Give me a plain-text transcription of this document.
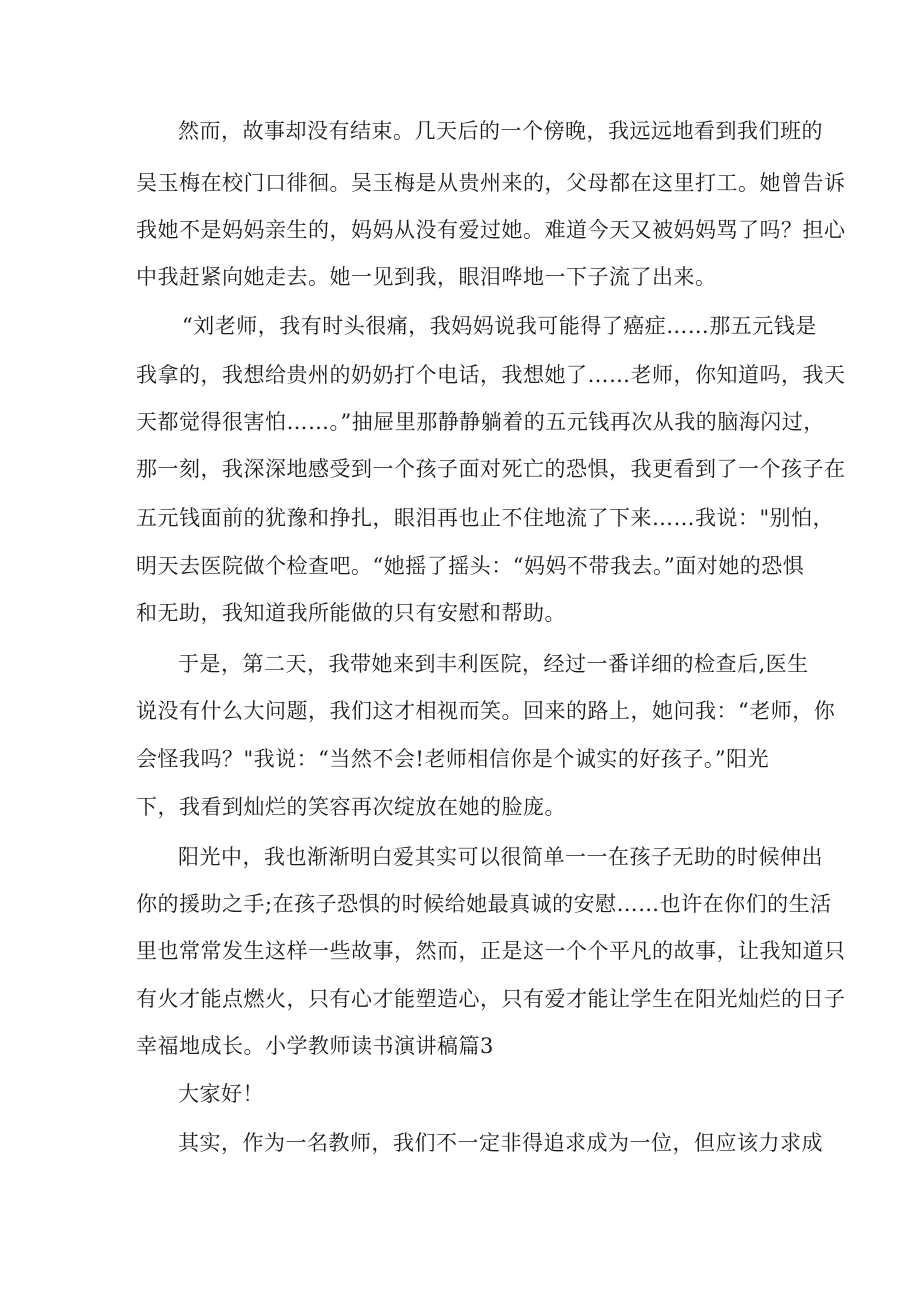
然而，故事却没有结束。几天后的一个傍晚，我远远地看到我们班的
吴玉梅在校门口徘徊。吴玉梅是从贵州来的，父母都在这里打工。她曾告诉
我她不是妈妈亲生的，妈妈从没有爱过她。难道今天又被妈妈骂了吗？担心
中我赶紧向她走去。她一见到我，眼泪哗地一下子流了出来。
“刘老师，我有时头很痛，我妈妈说我可能得了癌症……那五元钱是
我拿的，我想给贵州的奶奶打个电话，我想她了……老师，你知道吗，我天
天都觉得很害怕……。”抽屉里那静静躺着的五元钱再次从我的脑海闪过，
那一刻，我深深地感受到一个孩子面对死亡的恐惧，我更看到了一个孩子在
五元钱面前的犹豫和挣扎，眼泪再也止不住地流了下来……我说："别怕，
明天去医院做个检查吧。“她摇了摇头：“妈妈不带我去。”面对她的恐惧
和无助，我知道我所能做的只有安慰和帮助。
于是，第二天，我带她来到丰利医院，经过一番详细的检查后,医生
说没有什么大问题，我们这才相视而笑。回来的路上，她问我：“老师，你
会怪我吗？"我说：“当然不会!老师相信你是个诚实的好孩子。”阳光
下，我看到灿烂的笑容再次绽放在她的脸庞。
阳光中，我也渐渐明白爱其实可以很简单一一在孩子无助的时候伸出
你的援助之手;在孩子恐惧的时候给她最真诚的安慰……也许在你们的生活
里也常常发生这样一些故事，然而，正是这一个个平凡的故事，让我知道只
有火才能点燃火，只有心才能塑造心，只有爱才能让学生在阳光灿烂的日子
幸福地成长。小学教师读书演讲稿篇3
大家好！
其实，作为一名教师，我们不一定非得追求成为一位，但应该力求成
